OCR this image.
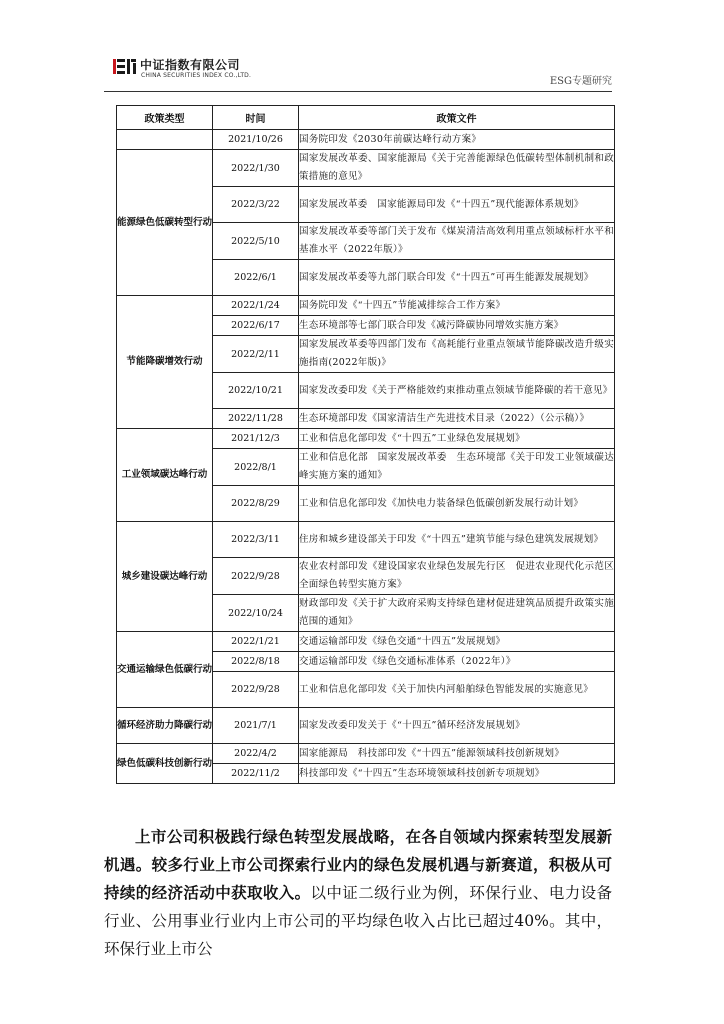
中证指数有限公司
CHINA SECURITIES INDEX CO.,LTD.
ESG专题研究
政策类型	时间	政策文件
	2021/10/26	国务院印发《2030年前碳达峰行动方案》
能源绿色低碳转型行动	2022/1/30	国家发展改革委、国家能源局《关于完善能源绿色低碳转型体制机制和政策措施的意见》
	2022/3/22	国家发展改革委　国家能源局印发《“十四五”现代能源体系规划》
	2022/5/10	国家发展改革委等部门关于发布《煤炭清洁高效利用重点领域标杆水平和基准水平（2022年版）》
	2022/6/1	国家发展改革委等九部门联合印发《“十四五”可再生能源发展规划》
节能降碳增效行动	2022/1/24	国务院印发《“十四五”节能减排综合工作方案》
	2022/6/17	生态环境部等七部门联合印发《减污降碳协同增效实施方案》
	2022/2/11	国家发展改革委等四部门发布《高耗能行业重点领域节能降碳改造升级实施指南(2022年版)》
	2022/10/21	国家发改委印发《关于严格能效约束推动重点领域节能降碳的若干意见》
	2022/11/28	生态环境部印发《国家清洁生产先进技术目录（2022）（公示稿）》
工业领域碳达峰行动	2021/12/3	工业和信息化部印发《“十四五”工业绿色发展规划》
	2022/8/1	工业和信息化部　国家发展改革委　生态环境部《关于印发工业领域碳达峰实施方案的通知》
	2022/8/29	工业和信息化部印发《加快电力装备绿色低碳创新发展行动计划》
城乡建设碳达峰行动	2022/3/11	住房和城乡建设部关于印发《“十四五”建筑节能与绿色建筑发展规划》
	2022/9/28	农业农村部印发《建设国家农业绿色发展先行区　促进农业现代化示范区全面绿色转型实施方案》
	2022/10/24	财政部印发《关于扩大政府采购支持绿色建材促进建筑品质提升政策实施范围的通知》
交通运输绿色低碳行动	2022/1/21	交通运输部印发《绿色交通“十四五”发展规划》
	2022/8/18	交通运输部印发《绿色交通标准体系（2022年）》
	2022/9/28	工业和信息化部印发《关于加快内河船舶绿色智能发展的实施意见》
循环经济助力降碳行动	2021/7/1	国家发改委印发关于《“十四五”循环经济发展规划》
绿色低碳科技创新行动	2022/4/2	国家能源局　科技部印发《“十四五”能源领域科技创新规划》
	2022/11/2	科技部印发《“十四五”生态环境领域科技创新专项规划》
上市公司积极践行绿色转型发展战略，在各自领域内探索转型发展新机遇。较多行业上市公司探索行业内的绿色发展机遇与新赛道，积极从可持续的经济活动中获取收入。以中证二级行业为例，环保行业、电力设备行业、公用事业行业内上市公司的平均绿色收入占比已超过40%。其中，环保行业上市公
